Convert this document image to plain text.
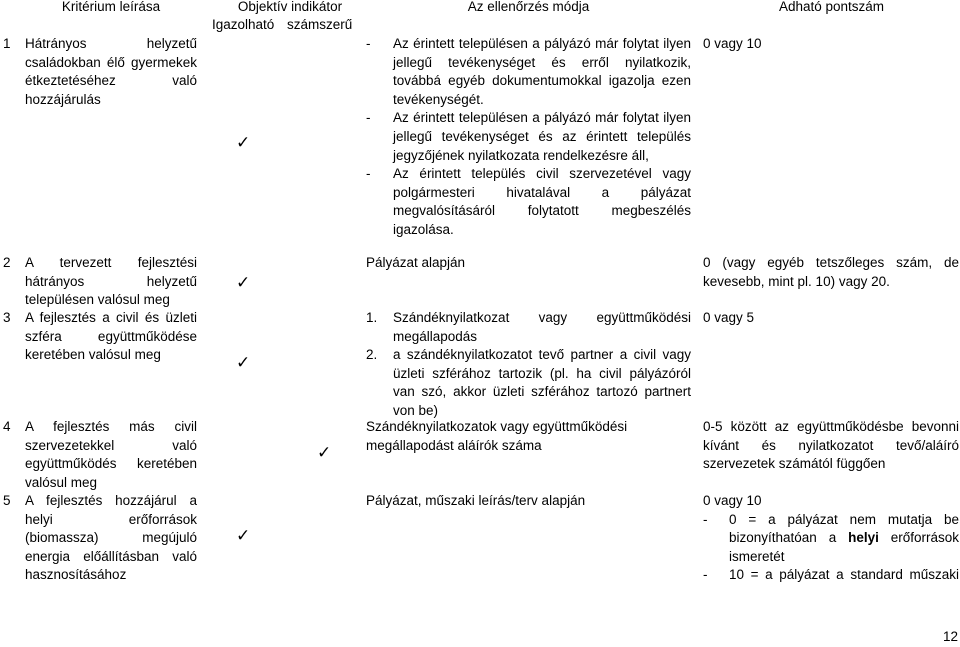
Kritérium leírása	Objektív indikátor
Igazolható számszerű
Az ellenőrzés módja	Adható pontszám
1 Hátrányos helyzetű családokban élő gyermekek étkeztetéséhez való hozzájárulás
2 A tervezett fejlesztési hátrányos helyzetű településen valósul meg
3 A fejlesztés a civil és üzleti szféra együttműködése keretében valósul meg
4 A fejlesztés más civil szervezetekkel való együttműködés keretében valósul meg
5 A fejlesztés hozzájárul a helyi erőforrások (biomassza) megújuló energia előállításban való hasznosításához
✓
✓
✓
✓
✓
- Az érintett településen a pályázó már folytat ilyen jellegű tevékenységet és erről nyilatkozik, továbbá egyéb dokumentumokkal igazolja ezen tevékenységét.
- Az érintett településen a pályázó már folytat ilyen jellegű tevékenységet és az érintett település jegyzőjének nyilatkozata rendelkezésre áll,
- Az érintett település civil szervezetével vagy polgármesteri hivatalával a pályázat megvalósításáról folytatott megbeszélés igazolása.
Pályázat alapján
1. Szándéknyilatkozat vagy együttműködési megállapodás
2. a szándéknyilatkozatot tevő partner a civil vagy üzleti szférához tartozik (pl. ha civil pályázóról van szó, akkor üzleti szférához tartozó partnert von be)
Szándéknyilatkozatok vagy együttműködési megállapodást aláírók száma
Pályázat, műszaki leírás/terv alapján
0 vagy 10
0 (vagy egyéb tetszőleges szám, de kevesebb, mint pl. 10) vagy 20.
0 vagy 5
0-5 között az együttműködésbe bevonni kívánt és nyilatkozatot tevő/aláíró szervezetek számától függően
0 vagy 10
- 0 = a pályázat nem mutatja be bizonyíthatóan a helyi erőforrások ismeretét
- 10 = a pályázat a standard műszaki
12
